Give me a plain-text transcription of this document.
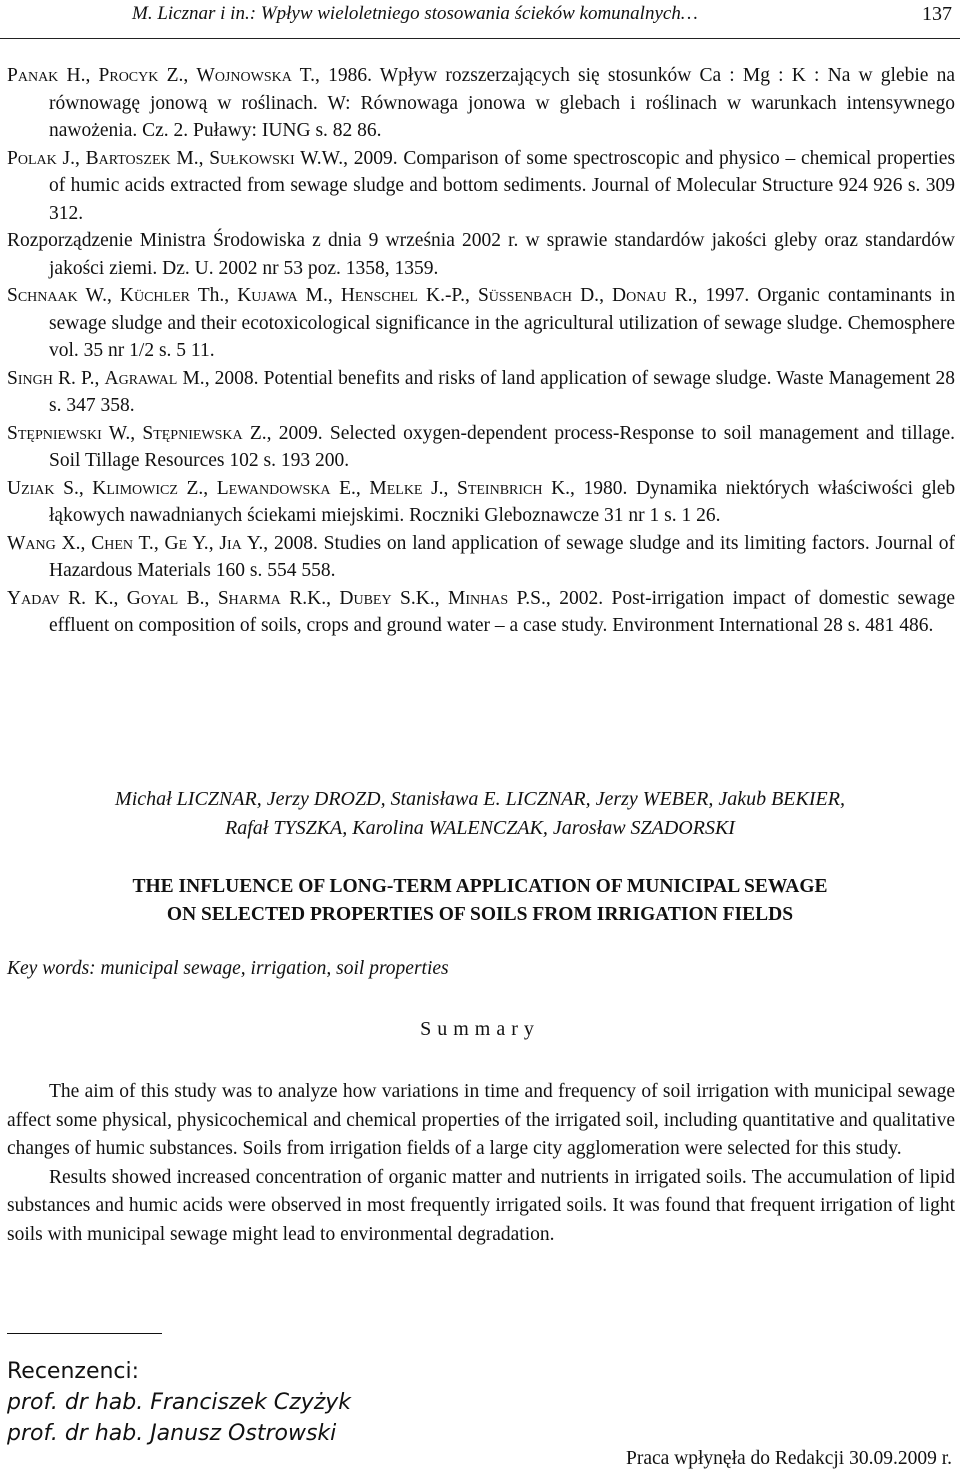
M. Licznar i in.: Wpływ wieloletniego stosowania ścieków komunalnych…	137

Panak H., Procyk Z., Wojnowska T., 1986. Wpływ rozszerzających się stosunków Ca : Mg : K : Na w glebie na równowagę jonową w roślinach. W: Równowaga jonowa w glebach i roślinach w warunkach intensywnego nawożenia. Cz. 2. Puławy: IUNG s. 82 86.

Polak J., Bartoszek M., Sułkowski W.W., 2009. Comparison of some spectroscopic and physico – chemical properties of humic acids extracted from sewage sludge and bottom sediments. Journal of Molecular Structure 924 926 s. 309 312.

Rozporządzenie Ministra Środowiska z dnia 9 września 2002 r. w sprawie standardów jakości gleby oraz standardów jakości ziemi. Dz. U. 2002 nr 53 poz. 1358, 1359.

Schnaak W., Küchler Th., Kujawa M., Henschel K.-P., Süssenbach D., Donau R., 1997. Organic contaminants in sewage sludge and their ecotoxicological significance in the agricultural utilization of sewage sludge. Chemosphere vol. 35 nr 1/2 s. 5 11.

Singh R. P., Agrawal M., 2008. Potential benefits and risks of land application of sewage sludge. Waste Management 28 s. 347 358.

Stępniewski W., Stępniewska Z., 2009. Selected oxygen-dependent process-Response to soil management and tillage. Soil Tillage Resources 102 s. 193 200.

Uziak S., Klimowicz Z., Lewandowska E., Melke J., Steinbrich K., 1980. Dynamika niektórych właściwości gleb łąkowych nawadnianych ściekami miejskimi. Roczniki Gleboznawcze 31 nr 1 s. 1 26.

Wang X., Chen T., Ge Y., Jia Y., 2008. Studies on land application of sewage sludge and its limiting factors. Journal of Hazardous Materials 160 s. 554 558.

Yadav R. K., Goyal B., Sharma R.K., Dubey S.K., Minhas P.S., 2002. Post-irrigation impact of domestic sewage effluent on composition of soils, crops and ground water – a case study. Environment International 28 s. 481 486.

Michał LICZNAR, Jerzy DROZD, Stanisława E. LICZNAR, Jerzy WEBER, Jakub BEKIER,
Rafał TYSZKA, Karolina WALENCZAK, Jarosław SZADORSKI
THE INFLUENCE OF LONG-TERM APPLICATION OF MUNICIPAL SEWAGE
ON SELECTED PROPERTIES OF SOILS FROM IRRIGATION FIELDS
Key words: municipal sewage, irrigation, soil properties
Summary

The aim of this study was to analyze how variations in time and frequency of soil irrigation with municipal sewage affect some physical, physicochemical and chemical properties of the irrigated soil, including quantitative and qualitative changes of humic substances. Soils from irrigation fields of a large city agglomeration were selected for this study.

Results showed increased concentration of organic matter and nutrients in irrigated soils. The accumulation of lipid substances and humic acids were observed in most frequently irrigated soils. It was found that frequent irrigation of light soils with municipal sewage might lead to environmental degradation.

Recenzenci:
prof. dr hab. Franciszek Czyżyk
prof. dr hab. Janusz Ostrowski
Praca wpłynęła do Redakcji 30.09.2009 r.
